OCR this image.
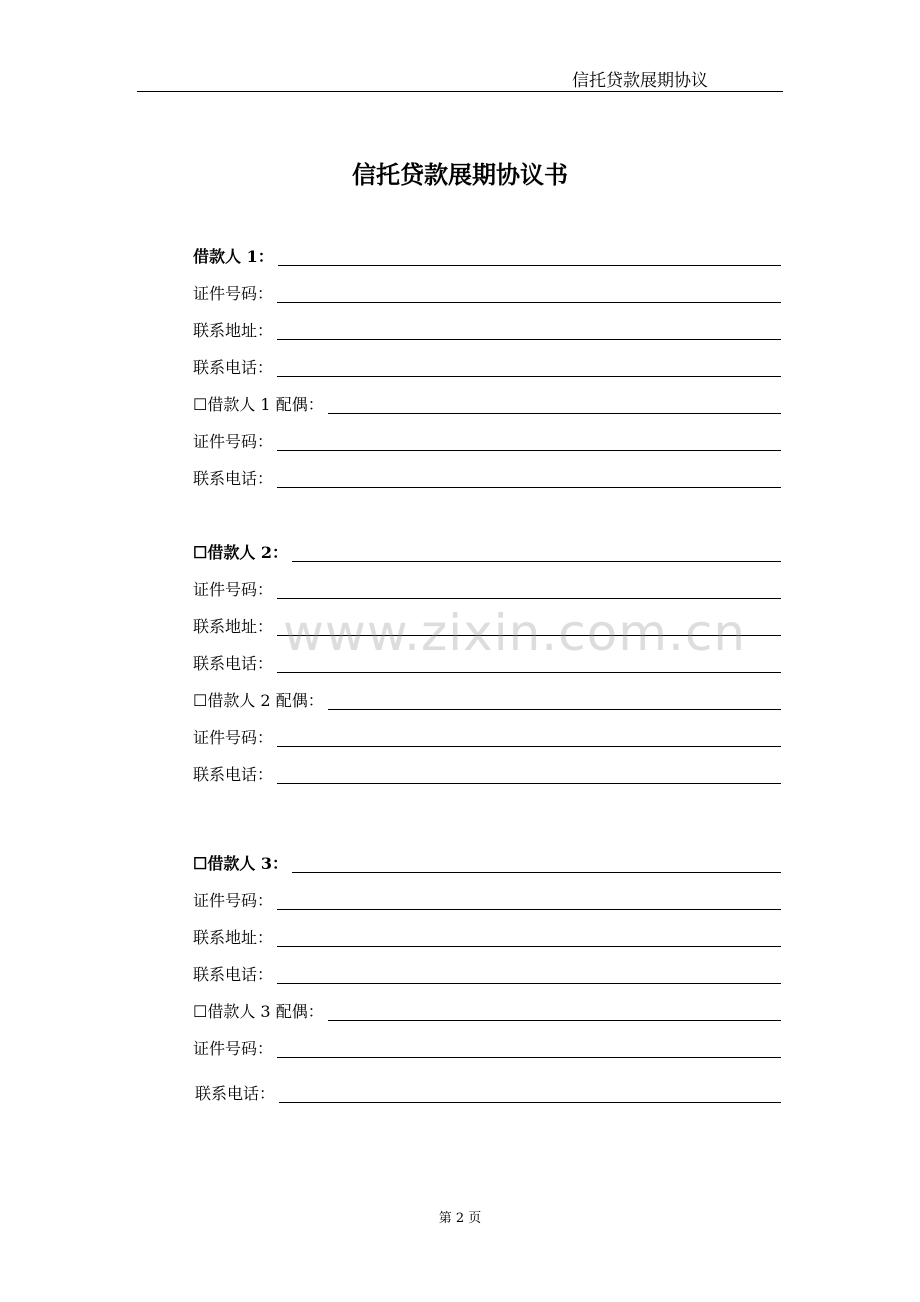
信托贷款展期协议
信托贷款展期协议书
借款人 1：
证件号码：
联系地址：
联系电话：
☐借款人 1 配偶：
证件号码：
联系电话：
☐借款人 2：
证件号码：
联系地址：
联系电话：
☐借款人 2 配偶：
证件号码：
联系电话：
☐借款人 3：
证件号码：
联系地址：
联系电话：
☐借款人 3 配偶：
证件号码：
联系电话：
www.zixin.com.cn
第 2 页
